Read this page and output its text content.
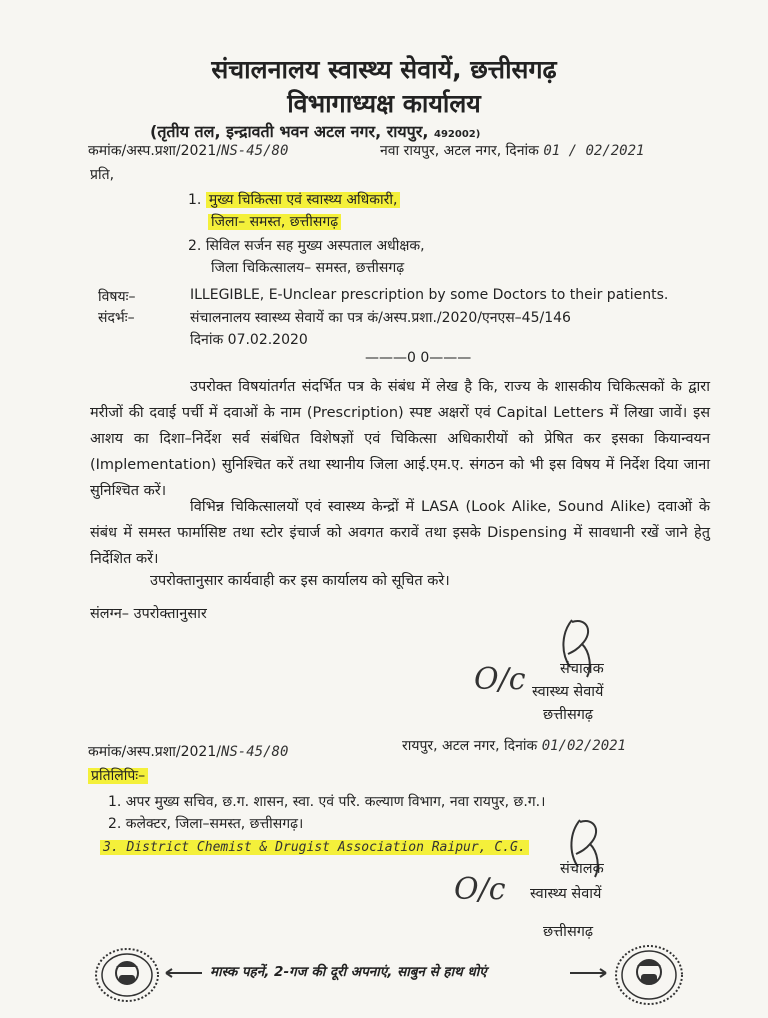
संचालनालय स्वास्थ्य सेवायें, छत्तीसगढ़
विभागाध्यक्ष कार्यालय
(तृतीय तल, इन्द्रावती भवन अटल नगर, रायपुर, 492002)
कमांक/अस्प.प्रशा/2021/NS-45/80	नवा रायपुर, अटल नगर, दिनांक 01 / 02/2021
प्रति,
1. मुख्य चिकित्सा एवं स्वास्थ्य अधिकारी,
जिला– समस्त, छत्तीसगढ़
2. सिविल सर्जन सह मुख्य अस्पताल अधीक्षक,
जिला चिकित्सालय– समस्त, छत्तीसगढ़
विषयः–	ILLEGIBLE, E-Unclear prescription by some Doctors to their patients.
संदर्भः–	संचालनालय स्वास्थ्य सेवायें का पत्र कं/अस्प.प्रशा./2020/एनएस–45/146
दिनांक 07.02.2020
———0 0———
उपरोक्त विषयांतर्गत संदर्भित पत्र के संबंध में लेख है कि, राज्य के शासकीय चिकित्सकों के द्वारा मरीजों की दवाई पर्ची में दवाओं के नाम (Prescription) स्पष्ट अक्षरों एवं Capital Letters में लिखा जावें। इस आशय का दिशा–निर्देश सर्व संबंधित विशेषज्ञों एवं चिकित्सा अधिकारीयों को प्रेषित कर इसका कियान्वयन (Implementation) सुनिश्चित करें तथा स्थानीय जिला आई.एम.ए. संगठन को भी इस विषय में निर्देश दिया जाना सुनिश्चित करें।
विभिन्न चिकित्सालयों एवं स्वास्थ्य केन्द्रों में LASA (Look Alike, Sound Alike) दवाओं के संबंध में समस्त फार्मासिष्ट तथा स्टोर इंचार्ज को अवगत करावें तथा इसके Dispensing में सावधानी रखें जाने हेतु निर्देशित करें।
उपरोक्तानुसार कार्यवाही कर इस कार्यालय को सूचित करे।
संलग्न– उपरोक्तानुसार
O/c संचालक
स्वास्थ्य सेवायें
छत्तीसगढ़
कमांक/अस्प.प्रशा/2021/NS-45/80	रायपुर, अटल नगर, दिनांक 01/02/2021
प्रतिलिपिः–
1. अपर मुख्य सचिव, छ.ग. शासन, स्वा. एवं परि. कल्याण विभाग, नवा रायपुर, छ.ग.।
2. कलेक्टर, जिला–समस्त, छत्तीसगढ़।
3. District Chemist & Drugist Association Raipur, C.G.
O/c
संचालक
स्वास्थ्य सेवायें
छत्तीसगढ़
मास्क पहनें, 2-गज की दूरी अपनाएं, साबुन से हाथ धोएं
